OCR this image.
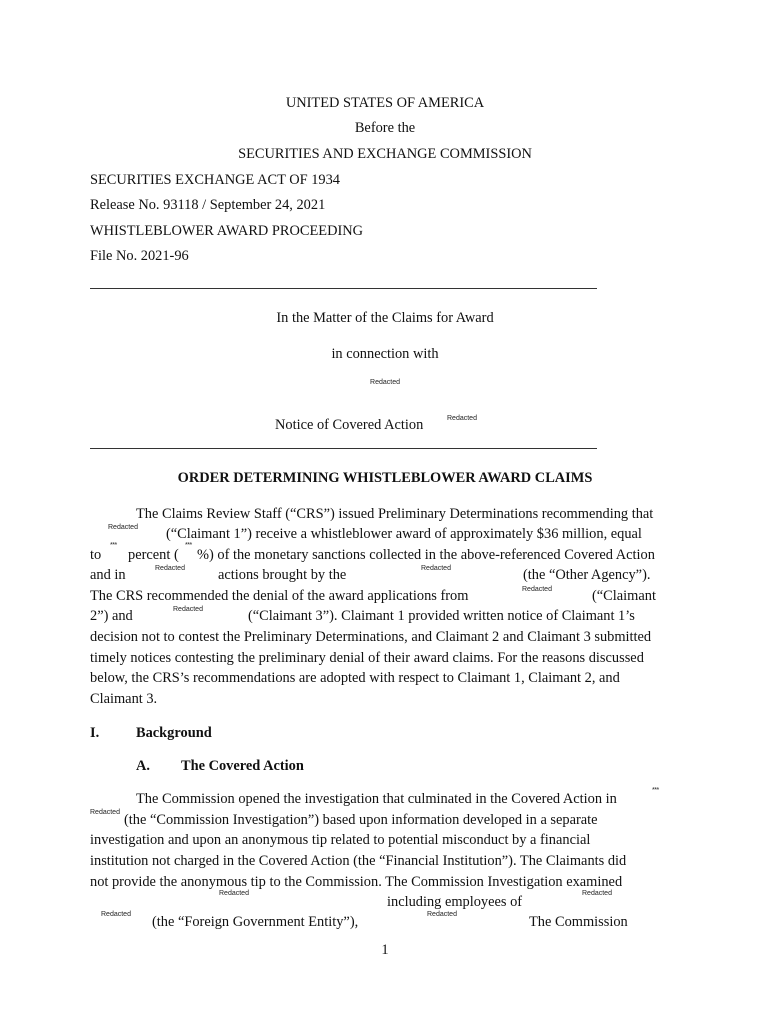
UNITED STATES OF AMERICA
Before the
SECURITIES AND EXCHANGE COMMISSION
SECURITIES EXCHANGE ACT OF 1934
Release No. 93118 / September 24, 2021
WHISTLEBLOWER AWARD PROCEEDING
File No. 2021-96
In the Matter of the Claims for Award
in connection with
Redacted
Notice of Covered Action	Redacted
ORDER DETERMINING WHISTLEBLOWER AWARD CLAIMS
The Claims Review Staff (“CRS”) issued Preliminary Determinations recommending that
Redacted (“Claimant 1”) receive a whistleblower award of approximately $36 million, equal
to
***
percent (
***
%) of the monetary sanctions collected in the above-referenced Covered Action
and in	Redacted actions brought by the	Redacted	(the “Other Agency”).
The CRS recommended the denial of the award applications from	Redacted	(“Claimant
2”) and	Redacted	(“Claimant 3”). Claimant 1 provided written notice of Claimant 1’s
decision not to contest the Preliminary Determinations, and Claimant 2 and Claimant 3 submitted
timely notices contesting the preliminary denial of their award claims. For the reasons discussed
below, the CRS’s recommendations are adopted with respect to Claimant 1, Claimant 2, and
Claimant 3.
I.	Background
A. The Covered Action
The Commission opened the investigation that culminated in the Covered Action in
***
Redacted (the “Commission Investigation”) based upon information developed in a separate
investigation and upon an anonymous tip related to potential misconduct by a financial
institution not charged in the Covered Action (the “Financial Institution”). The Claimants did
not provide the anonymous tip to the Commission. The Commission Investigation examined
Redacted	Redacted
including employees of
Redacted (the “Foreign Government Entity”),	Redacted	The Commission
1
